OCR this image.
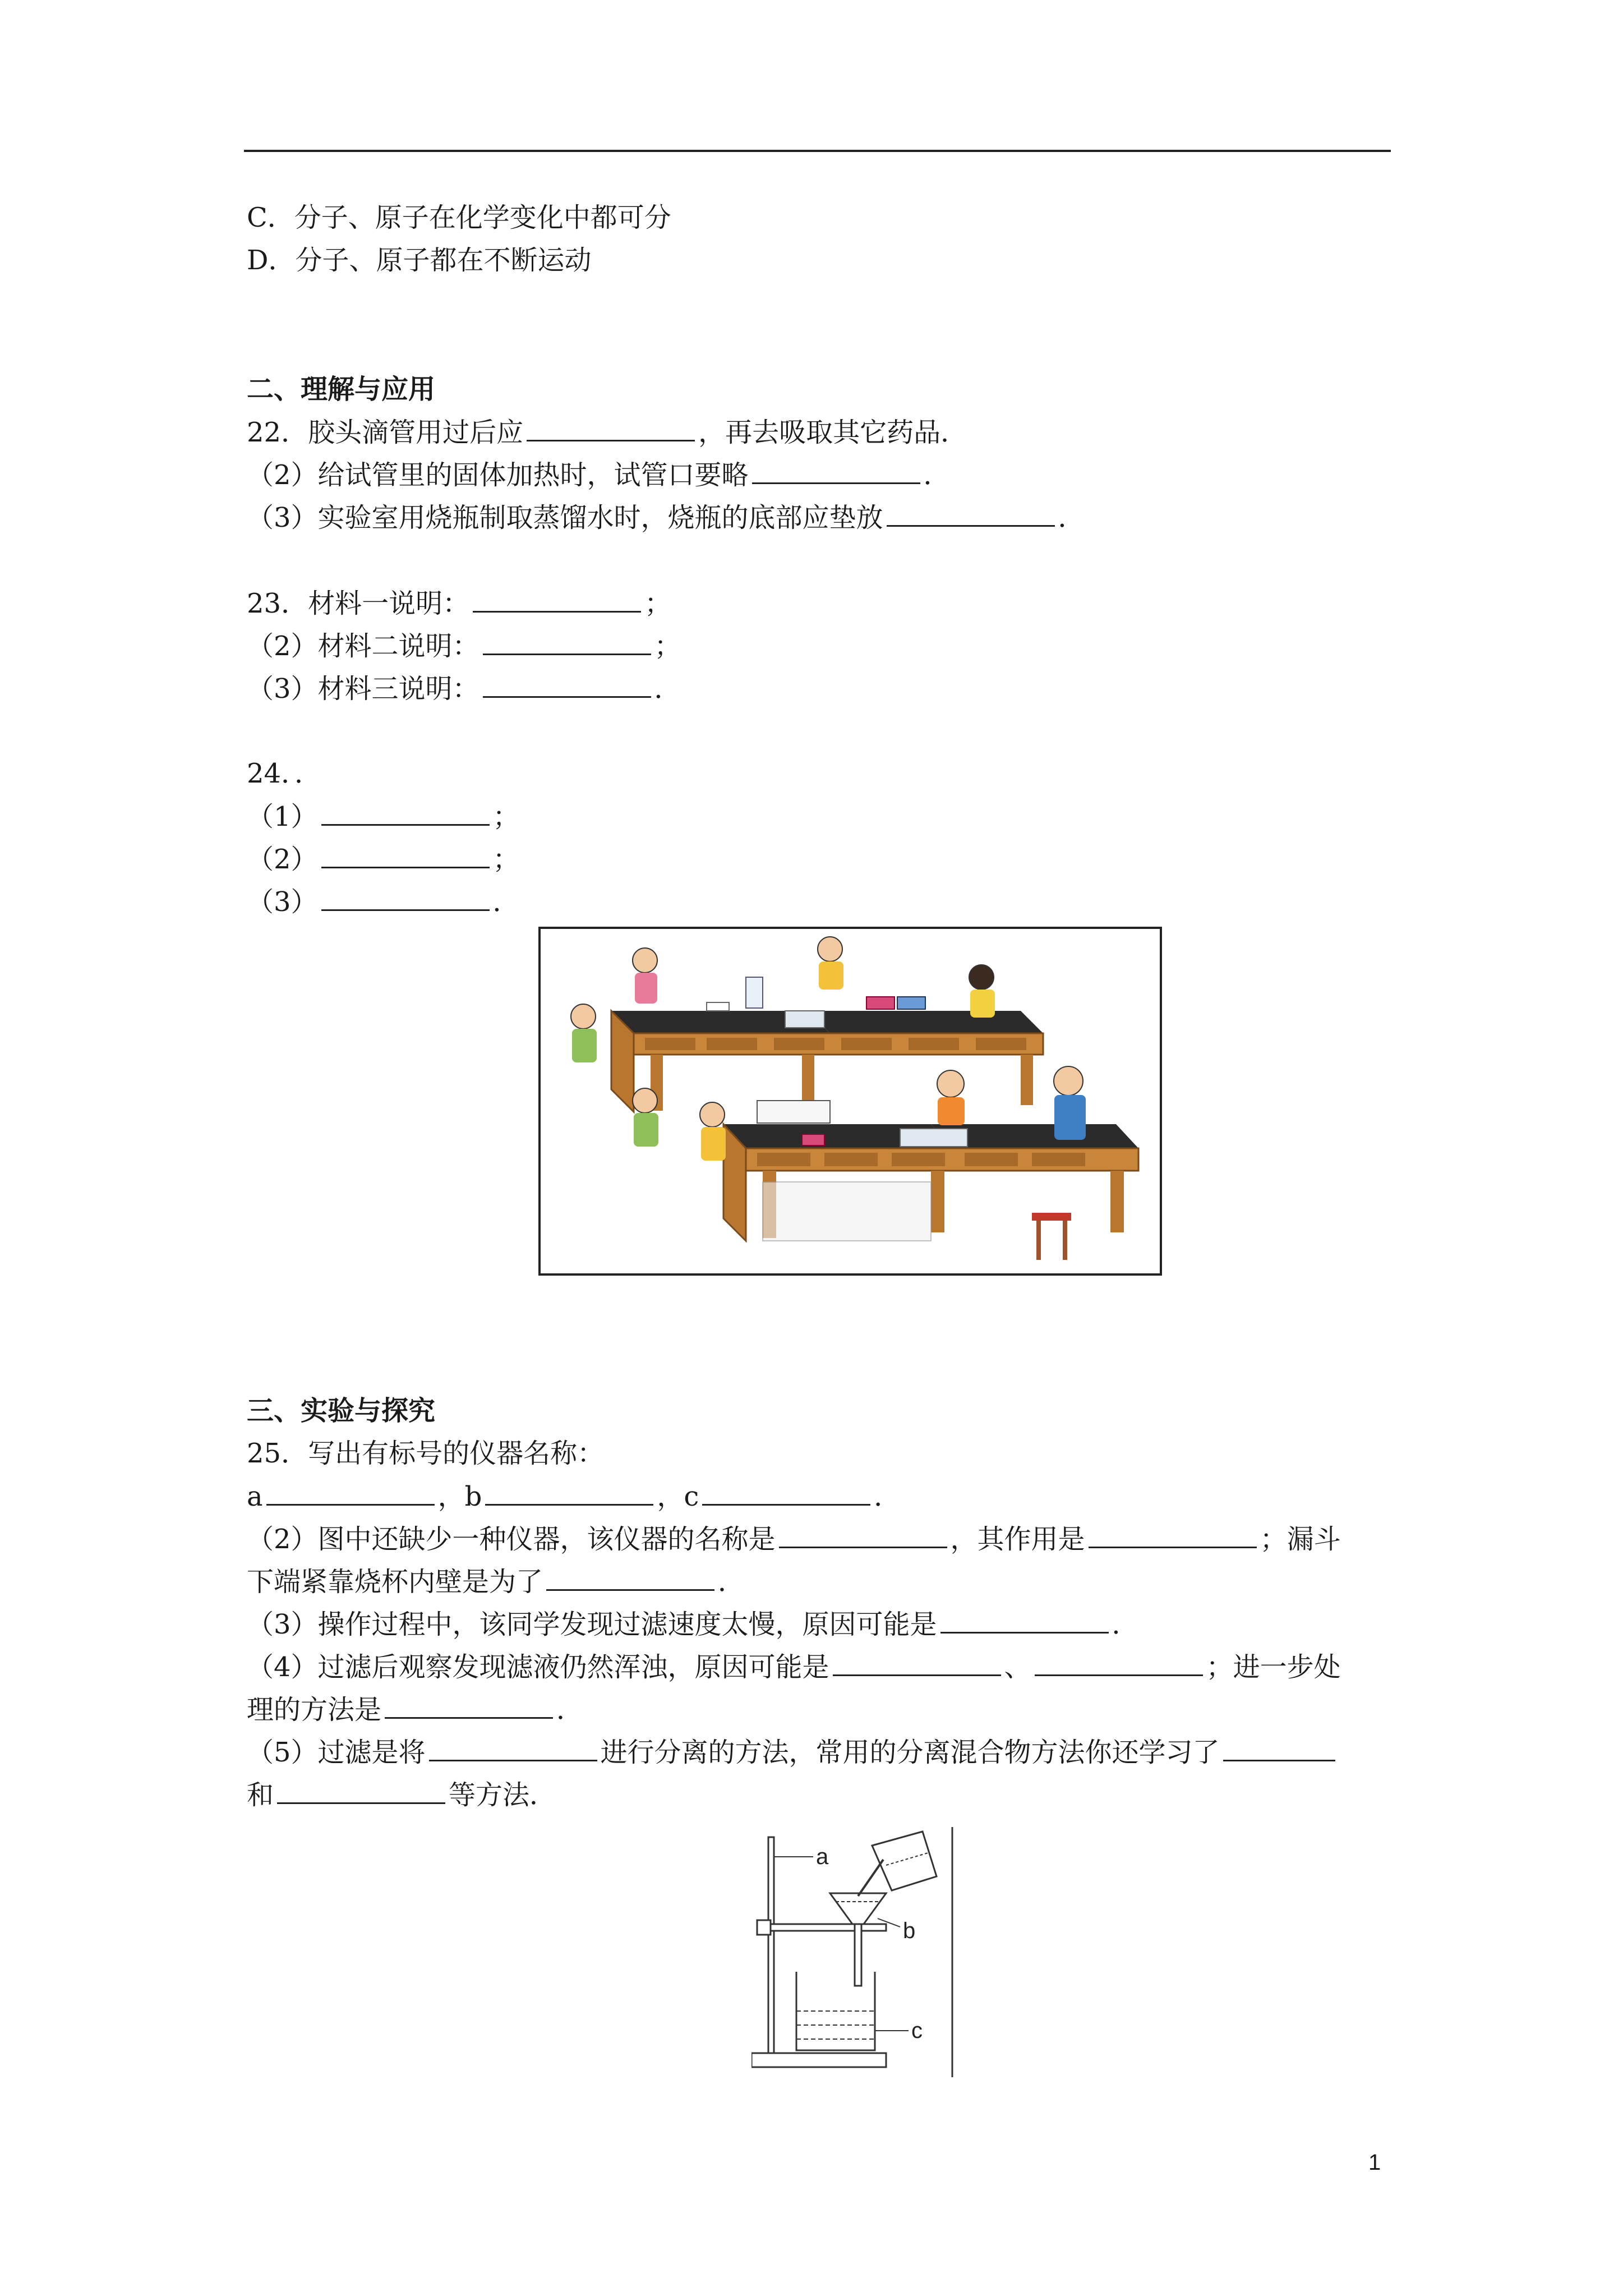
C．分子、原子在化学变化中都可分
D．分子、原子都在不断运动
二、理解与应用
22．胶头滴管用过后应	，再去吸取其它药品．
（2）给试管里的固体加热时，试管口要略	．
（3）实验室用烧瓶制取蒸馏水时，烧瓶的底部应垫放	．
23．材料一说明：	；
（2）材料二说明：	；
（3）材料三说明：	．
24．．
（1）	；
（2）	；
（3）	．
三、实验与探究
25．写出有标号的仪器名称：
a	，b	，c	．
（2）图中还缺少一种仪器，该仪器的名称是	，其作用是	；漏斗
下端紧靠烧杯内壁是为了	．
（3）操作过程中，该同学发现过滤速度太慢，原因可能是	．
（4）过滤后观察发现滤液仍然浑浊，原因可能是	、	；进一步处
理的方法是	．
（5）过滤是将	进行分离的方法，常用的分离混合物方法你还学习了
和	等方法．
a
b
c
1
